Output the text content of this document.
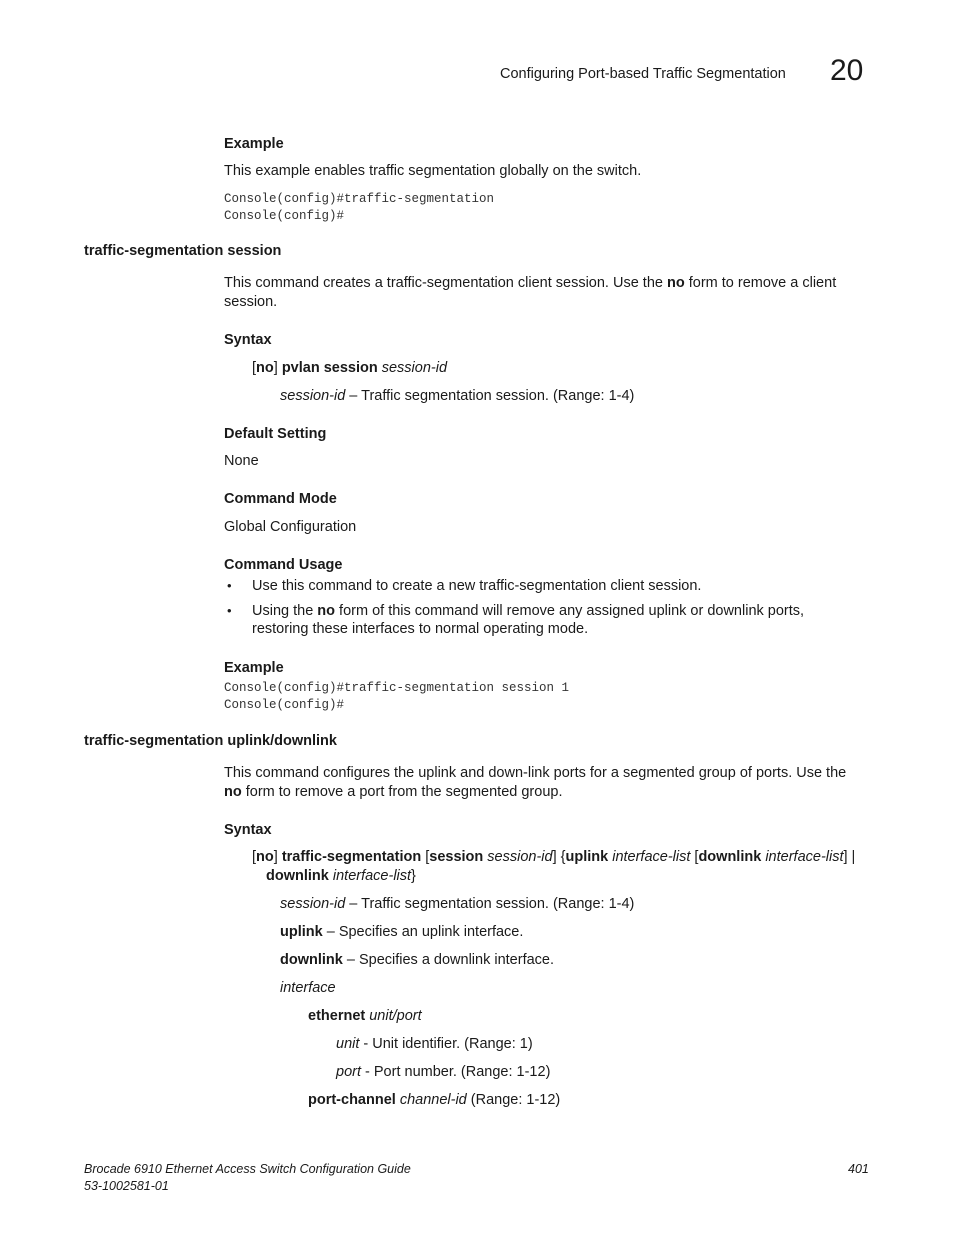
Configuring Port-based Traffic Segmentation 20
Example
This example enables traffic segmentation globally on the switch.
Console(config)#traffic-segmentation
Console(config)#
traffic-segmentation session
This command creates a traffic-segmentation client session. Use the no form to remove a client
session.
Syntax
[no] pvlan session session-id
session-id – Traffic segmentation session. (Range: 1-4)
Default Setting
None
Command Mode
Global Configuration
Command Usage
• Use this command to create a new traffic-segmentation client session.
• Using the no form of this command will remove any assigned uplink or downlink ports,
restoring these interfaces to normal operating mode.
Example
Console(config)#traffic-segmentation session 1
Console(config)#
traffic-segmentation uplink/downlink
This command configures the uplink and down-link ports for a segmented group of ports. Use the
no form to remove a port from the segmented group.
Syntax
[no] traffic-segmentation [session session-id] {uplink interface-list [downlink interface-list] |
downlink interface-list}
session-id – Traffic segmentation session. (Range: 1-4)
uplink – Specifies an uplink interface.
downlink – Specifies a downlink interface.
interface
ethernet unit/port
unit - Unit identifier. (Range: 1)
port - Port number. (Range: 1-12)
port-channel channel-id (Range: 1-12)
Brocade 6910 Ethernet Access Switch Configuration Guide
53-1002581-01
401
